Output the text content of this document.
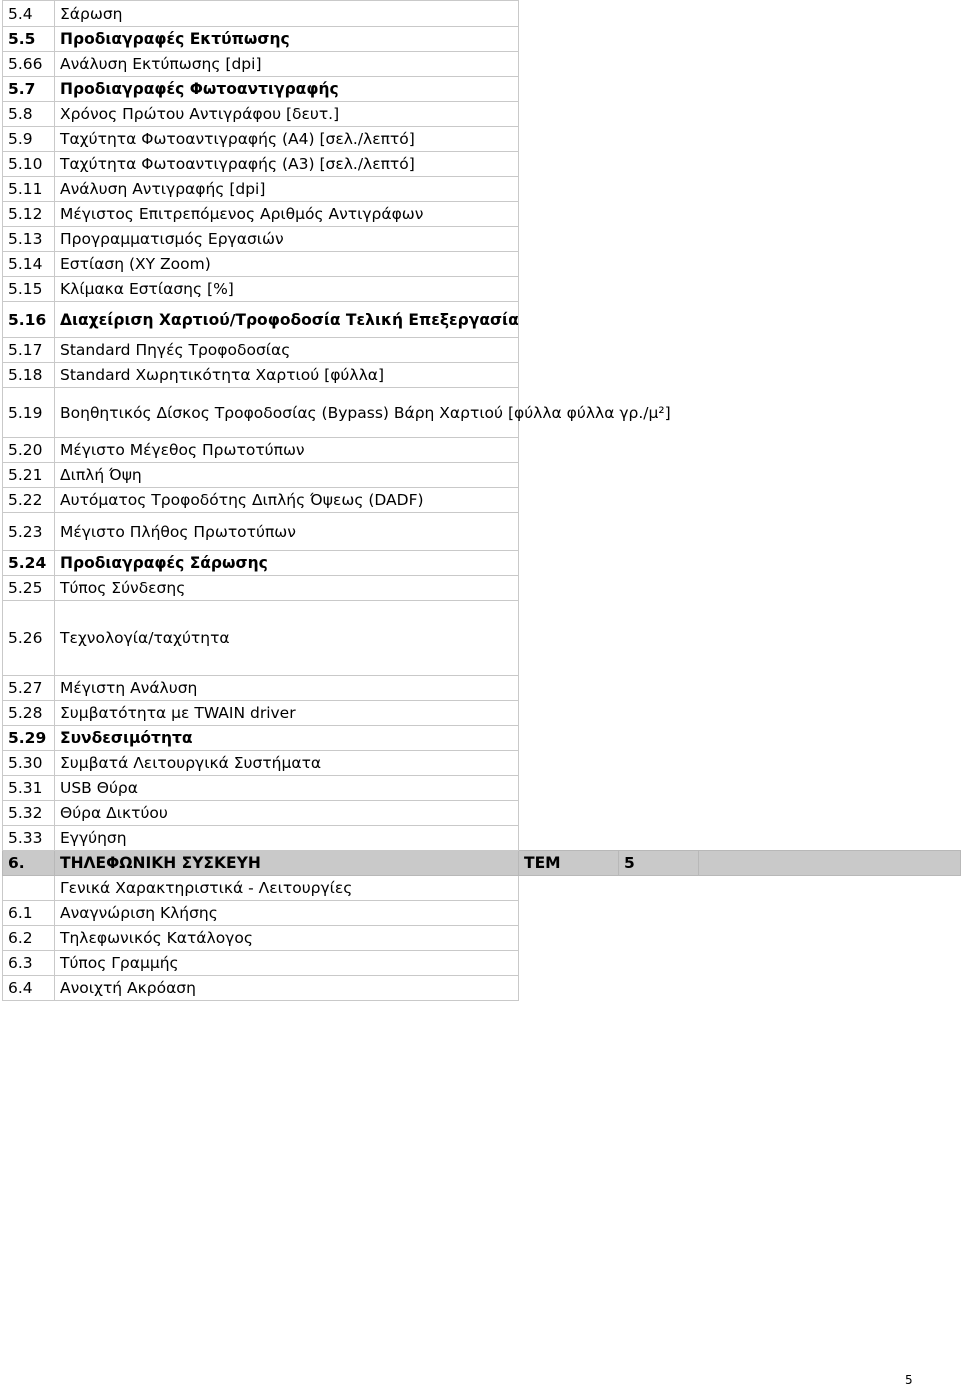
5.4	Σάρωση			
5.5	Προδιαγραφές Εκτύπωσης			
5.66	Ανάλυση Εκτύπωσης [dpi]			
5.7	Προδιαγραφές Φωτοαντιγραφής			
5.8	Χρόνος Πρώτου Αντιγράφου [δευτ.]			
5.9	Ταχύτητα Φωτοαντιγραφής (A4) [σελ./λεπτό]			
5.10	Ταχύτητα Φωτοαντιγραφής (A3) [σελ./λεπτό]			
5.11	Ανάλυση Αντιγραφής [dpi]			
5.12	Μέγιστος Επιτρεπόμενος Αριθμός Αντιγράφων			
5.13	Προγραμματισμός Εργασιών			
5.14	Εστίαση (XY Zoom)			
5.15	Κλίμακα Εστίασης [%]			
5.16	Διαχείριση Χαρτιού/Τροφοδοσία Τελική Επεξεργασία			
5.17	Standard Πηγές Τροφοδοσίας			
5.18	Standard Χωρητικότητα Χαρτιού [φύλλα]			
5.19	Βοηθητικός Δίσκος Τροφοδοσίας (Bypass) Βάρη Χαρτιού [φύλλα φύλλα γρ./μ²]			
5.20	Μέγιστο Μέγεθος Πρωτοτύπων			
5.21	Διπλή Όψη			
5.22	Αυτόματος Τροφοδότης Διπλής Όψεως (DADF)			
5.23	Μέγιστο Πλήθος Πρωτοτύπων			
5.24	Προδιαγραφές Σάρωσης			
5.25	Τύπος Σύνδεσης			
5.26	Τεχνολογία/ταχύτητα			
5.27	Μέγιστη Ανάλυση			
5.28	Συμβατότητα με TWAIN driver			
5.29	Συνδεσιμότητα			
5.30	Συμβατά Λειτουργικά Συστήματα			
5.31	USB Θύρα			
5.32	Θύρα Δικτύου			
5.33	Εγγύηση			
6.	ΤΗΛΕΦΩΝΙΚΗ ΣΥΣΚΕΥΗ	ΤΕΜ	5	
	Γενικά Χαρακτηριστικά - Λειτουργίες			
6.1	Αναγνώριση Κλήσης			
6.2	Τηλεφωνικός Κατάλογος			
6.3	Τύπος Γραμμής			
6.4	Ανοιχτή Ακρόαση			
5
